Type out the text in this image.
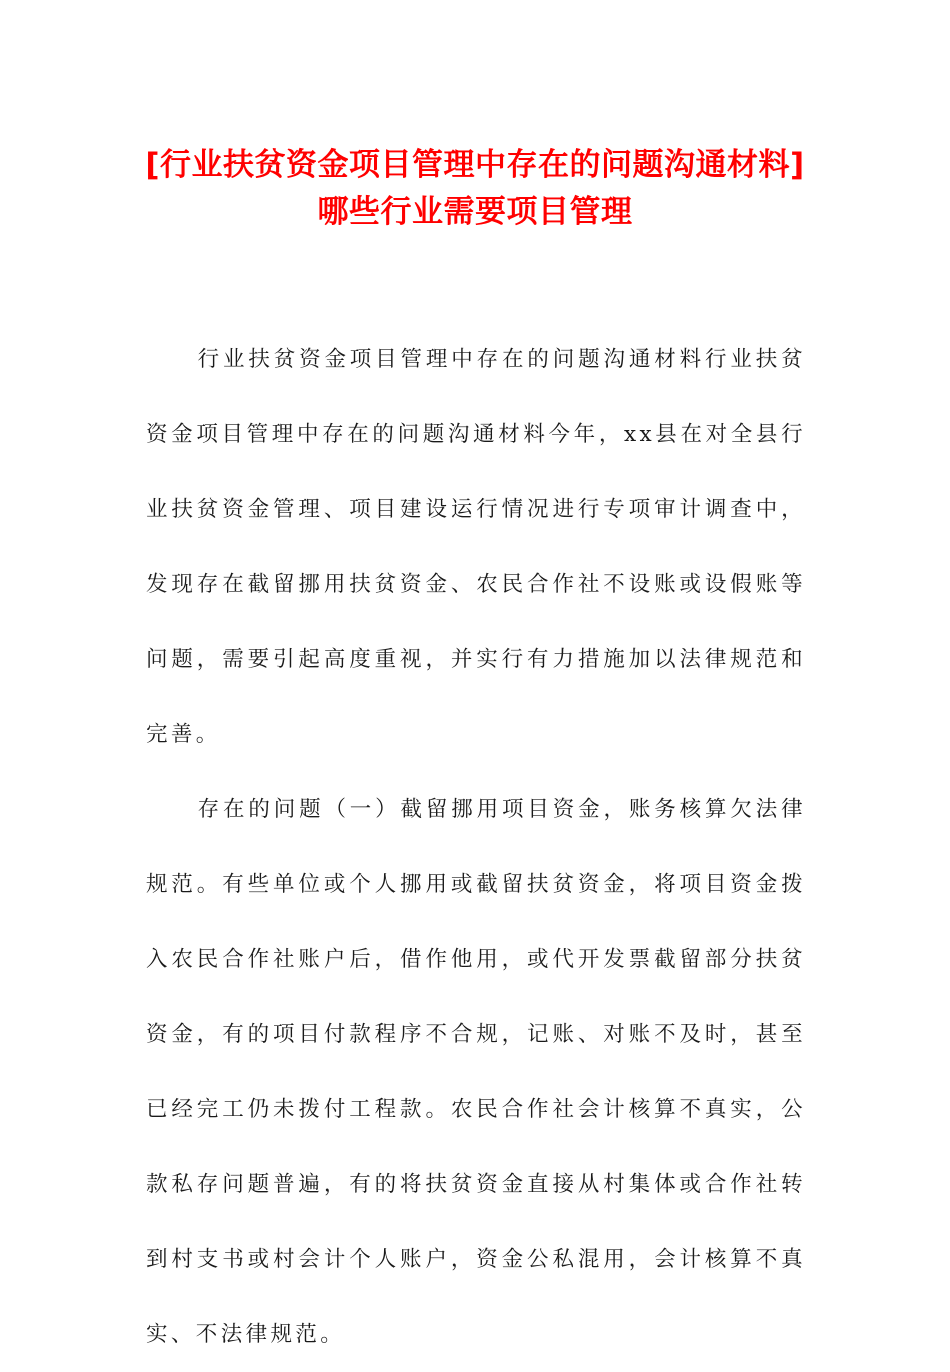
[行业扶贫资金项目管理中存在的问题沟通材料]哪些行业需要项目管理

行业扶贫资金项目管理中存在的问题沟通材料行业扶贫资金项目管理中存在的问题沟通材料今年，xx县在对全县行业扶贫资金管理、项目建设运行情况进行专项审计调查中，发现存在截留挪用扶贫资金、农民合作社不设账或设假账等问题，需要引起高度重视，并实行有力措施加以法律规范和完善。

存在的问题（一）截留挪用项目资金，账务核算欠法律规范。有些单位或个人挪用或截留扶贫资金，将项目资金拨入农民合作社账户后，借作他用，或代开发票截留部分扶贫资金，有的项目付款程序不合规，记账、对账不及时，甚至已经完工仍未拨付工程款。农民合作社会计核算不真实，公款私存问题普遍，有的将扶贫资金直接从村集体或合作社转到村支书或村会计个人账户，资金公私混用，会计核算不真实、不法律规范。
